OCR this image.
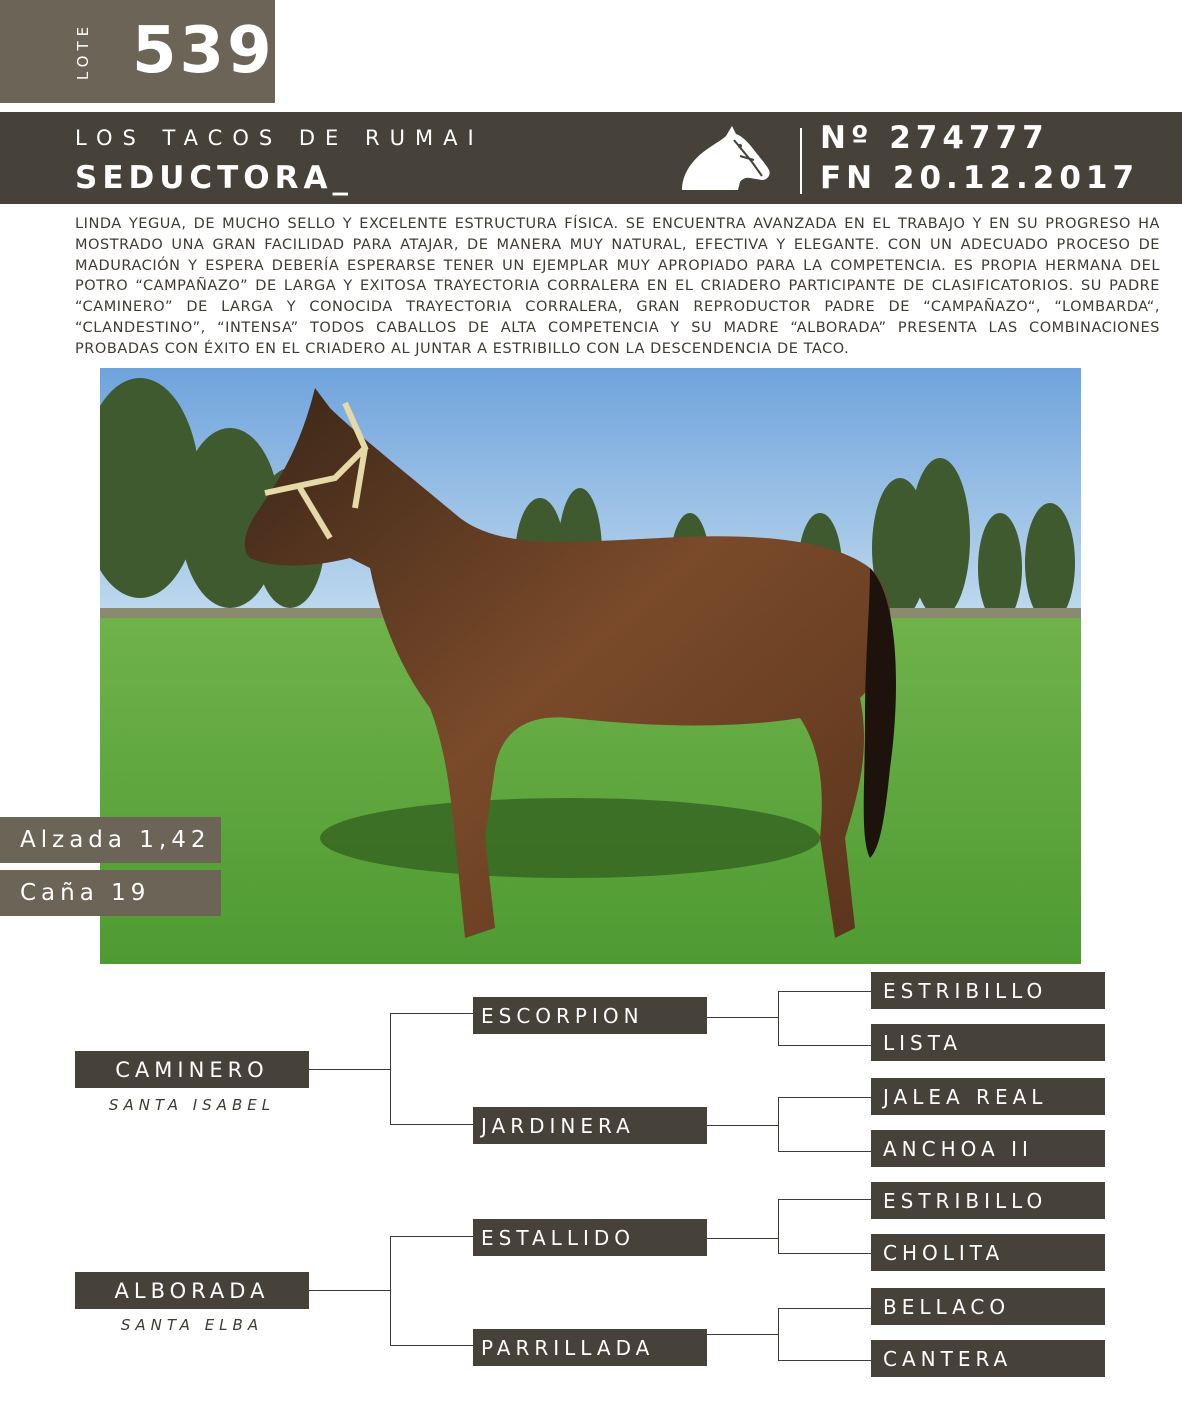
LOTE 539
LOS TACOS DE RUMAI
SEDUCTORA_
Nº 274777
FN 20.12.2017
LINDA YEGUA, DE MUCHO SELLO Y EXCELENTE ESTRUCTURA FÍSICA. SE ENCUENTRA AVANZADA EN EL TRABAJO Y EN SU PROGRESO HA MOSTRADO UNA GRAN FACILIDAD PARA ATAJAR, DE MANERA MUY NATURAL, EFECTIVA Y ELEGANTE. CON UN ADECUADO PROCESO DE MADURACIÓN Y ESPERA DEBERÍA ESPERARSE TENER UN EJEMPLAR MUY APROPIADO PARA LA COMPETENCIA. ES PROPIA HERMANA DEL POTRO “CAMPAÑAZO” DE LARGA Y EXITOSA TRAYECTORIA CORRALERA EN EL CRIADERO PARTICIPANTE DE CLASIFICATORIOS. SU PADRE “CAMINERO” DE LARGA Y CONOCIDA TRAYECTORIA CORRALERA, GRAN REPRODUCTOR PADRE DE “CAMPAÑAZO“, “LOMBARDA“, “CLANDESTINO”, “INTENSA” TODOS CABALLOS DE ALTA COMPETENCIA Y SU MADRE “ALBORADA” PRESENTA LAS COMBINACIONES PROBADAS CON ÉXITO EN EL CRIADERO AL JUNTAR A ESTRIBILLO CON LA DESCENDENCIA DE TACO.
Alzada 1,42
Caña 19
CAMINERO
SANTA ISABEL
ALBORADA
SANTA ELBA
ESCORPION
JARDINERA
ESTALLIDO
PARRILLADA
ESTRIBILLO
LISTA
JALEA REAL
ANCHOA II
ESTRIBILLO
CHOLITA
BELLACO
CANTERA
